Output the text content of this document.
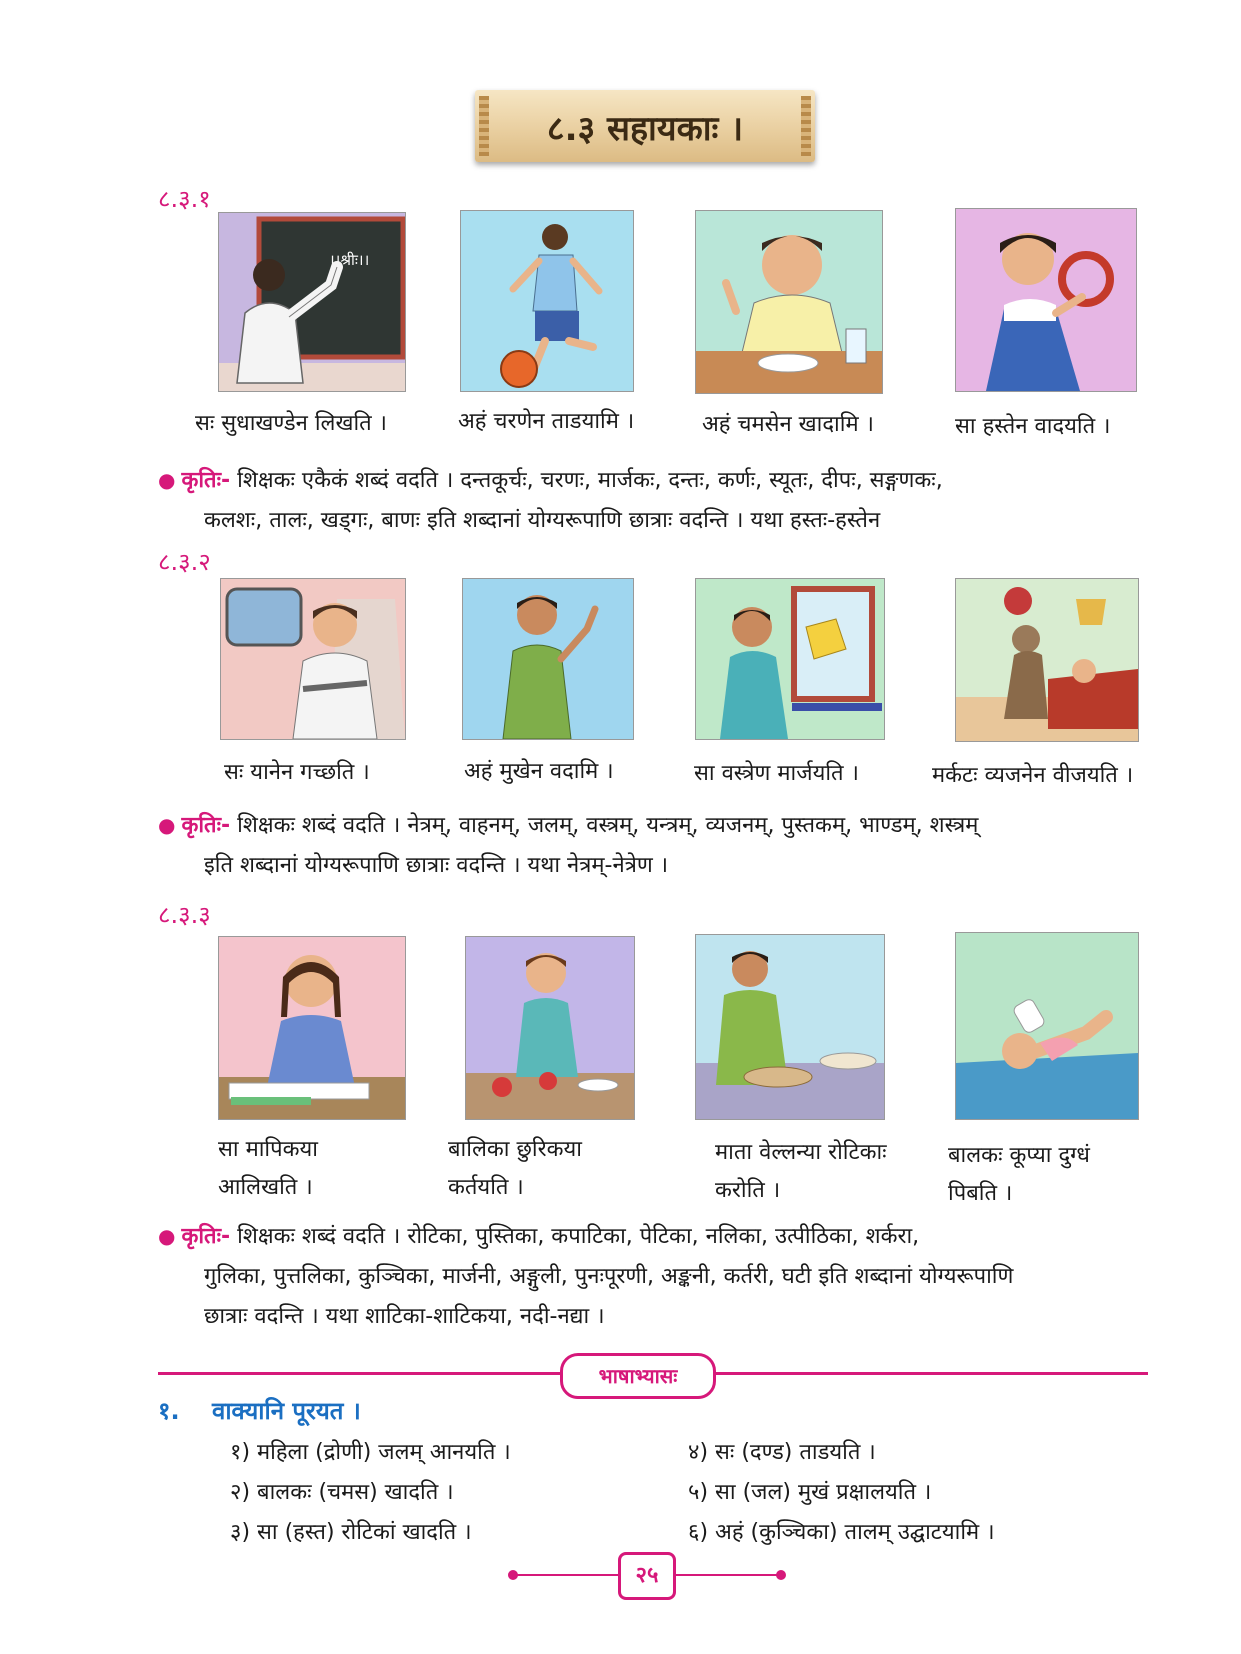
८.३ सहायकाः ।
८.३.१
।।श्रीः।।
सः सुधाखण्डेन लिखति ।	अहं चरणेन ताडयामि ।	अहं चमसेन खादामि ।	सा हस्तेन वादयति ।
● कृतिः- शिक्षकः एकैकं शब्दं वदति । दन्तकूर्चः, चरणः, मार्जकः, दन्तः, कर्णः, स्यूतः, दीपः, सङ्गणकः,
कलशः, तालः, खड्गः, बाणः इति शब्दानां योग्यरूपाणि छात्राः वदन्ति । यथा हस्तः-हस्तेन
८.३.२
सः यानेन गच्छति ।	अहं मुखेन वदामि ।	सा वस्त्रेण मार्जयति ।	मर्कटः व्यजनेन वीजयति ।
● कृतिः- शिक्षकः शब्दं वदति । नेत्रम्, वाहनम्, जलम्, वस्त्रम्, यन्त्रम्, व्यजनम्, पुस्तकम्, भाण्डम्, शस्त्रम्
इति शब्दानां योग्यरूपाणि छात्राः वदन्ति । यथा नेत्रम्-नेत्रेण ।
८.३.३
सा मापिकया
आलिखति ।
बालिका छुरिकया
कर्तयति ।
माता वेल्लन्या रोटिकाः
करोति ।
बालकः कूप्या दुग्धं
पिबति ।
● कृतिः- शिक्षकः शब्दं वदति । रोटिका, पुस्तिका, कपाटिका, पेटिका, नलिका, उत्पीठिका, शर्करा,
गुलिका, पुत्तलिका, कुञ्चिका, मार्जनी, अङ्गुली, पुनःपूरणी, अङ्कनी, कर्तरी, घटी इति शब्दानां योग्यरूपाणि
छात्राः वदन्ति । यथा शाटिका-शाटिकया, नदी-नद्या ।
भाषाभ्यासः
१. वाक्यानि पूरयत ।
१) महिला (द्रोणी) जलम् आनयति ।
२) बालकः (चमस) खादति ।
३) सा (हस्त) रोटिकां खादति ।
४) सः (दण्ड) ताडयति ।
५) सा (जल) मुखं प्रक्षालयति ।
६) अहं (कुञ्चिका) तालम् उद्घाटयामि ।
२५
